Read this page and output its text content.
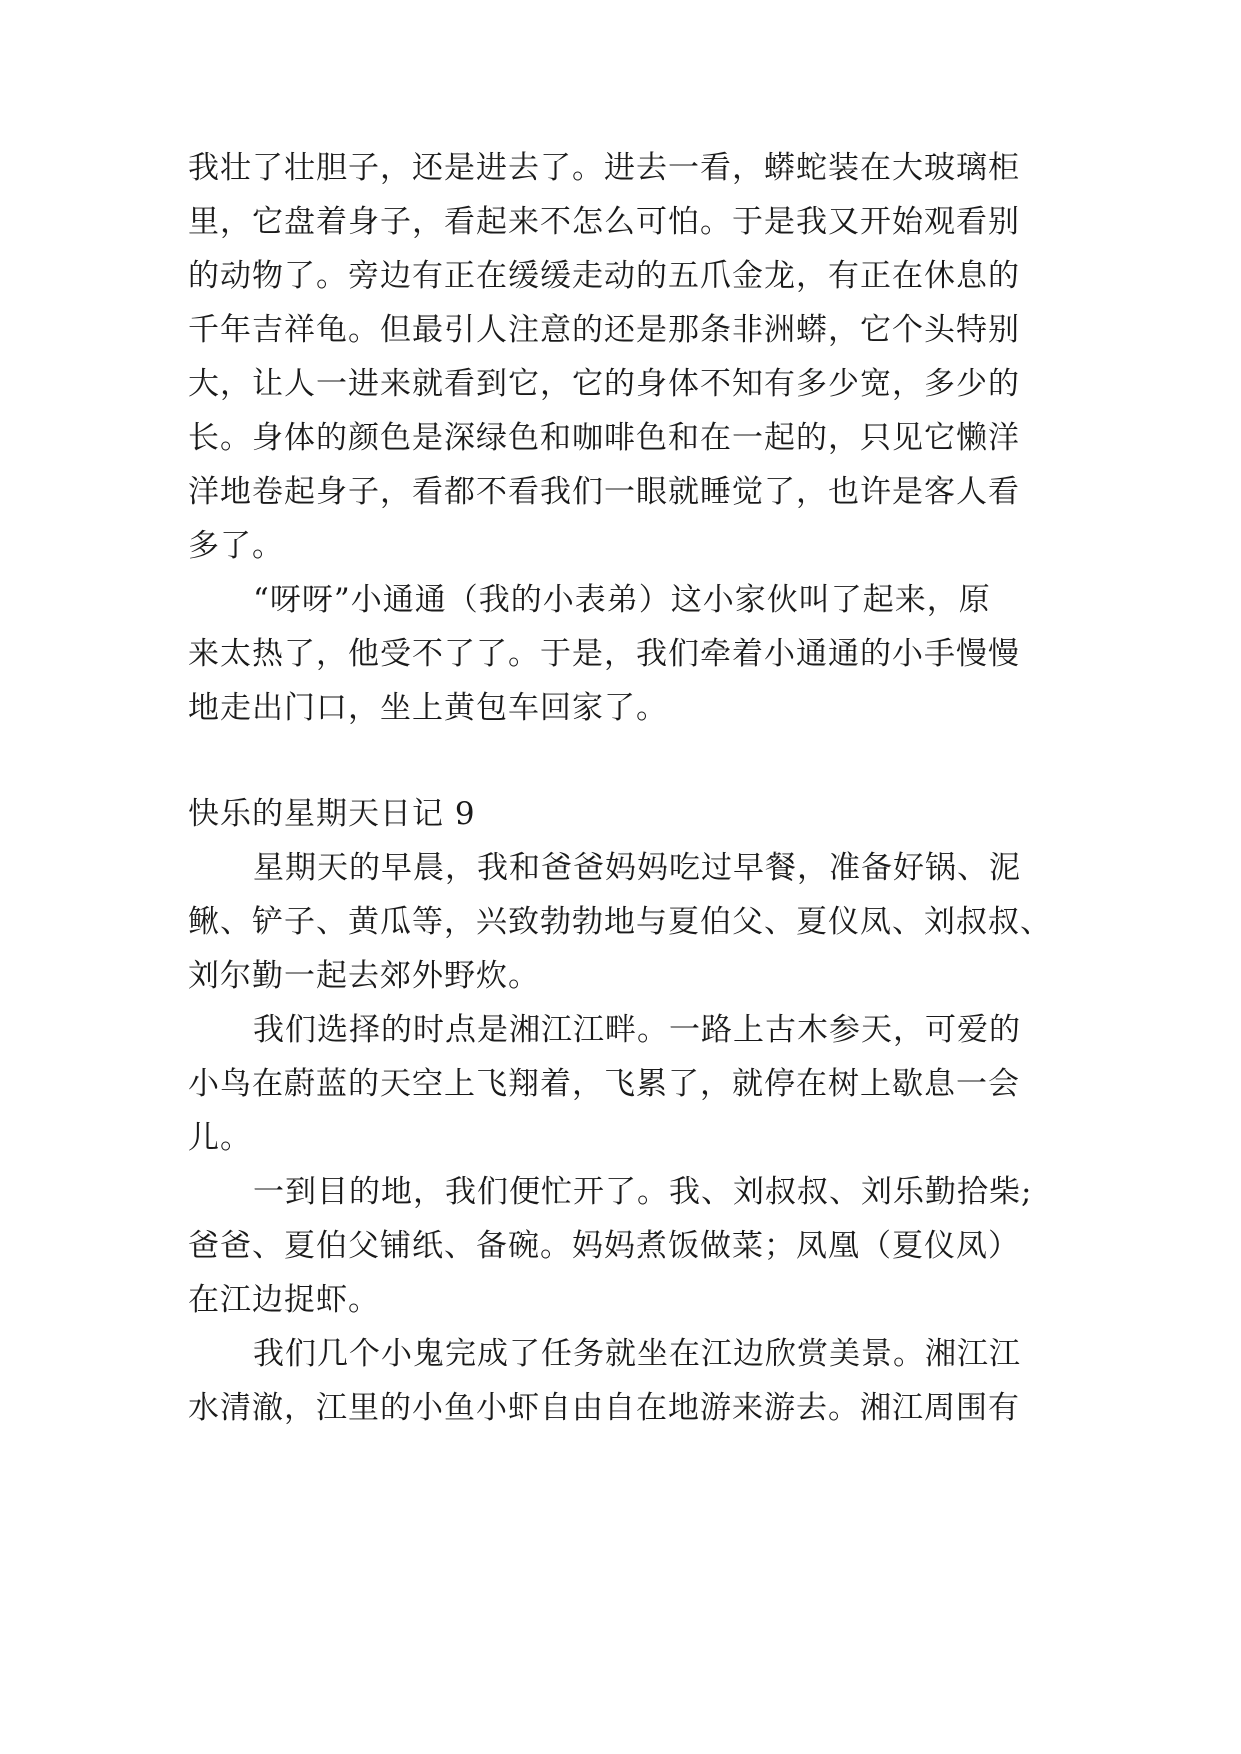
我壮了壮胆子，还是进去了。进去一看，蟒蛇装在大玻璃柜
里，它盘着身子，看起来不怎么可怕。于是我又开始观看别
的动物了。旁边有正在缓缓走动的五爪金龙，有正在休息的
千年吉祥龟。但最引人注意的还是那条非洲蟒，它个头特别
大，让人一进来就看到它，它的身体不知有多少宽，多少的
长。身体的颜色是深绿色和咖啡色和在一起的，只见它懒洋
洋地卷起身子，看都不看我们一眼就睡觉了，也许是客人看
多了。
“呀呀”小通通（我的小表弟）这小家伙叫了起来，原
来太热了，他受不了了。于是，我们牵着小通通的小手慢慢
地走出门口，坐上黄包车回家了。
快乐的星期天日记 9
星期天的早晨，我和爸爸妈妈吃过早餐，准备好锅、泥
鳅、铲子、黄瓜等，兴致勃勃地与夏伯父、夏仪凤、刘叔叔、
刘尔勤一起去郊外野炊。
我们选择的时点是湘江江畔。一路上古木参天，可爱的
小鸟在蔚蓝的天空上飞翔着，飞累了，就停在树上歇息一会
儿。
一到目的地，我们便忙开了。我、刘叔叔、刘乐勤拾柴;
爸爸、夏伯父铺纸、备碗。妈妈煮饭做菜；凤凰（夏仪凤）
在江边捉虾。
我们几个小鬼完成了任务就坐在江边欣赏美景。湘江江
水清澈，江里的小鱼小虾自由自在地游来游去。湘江周围有
